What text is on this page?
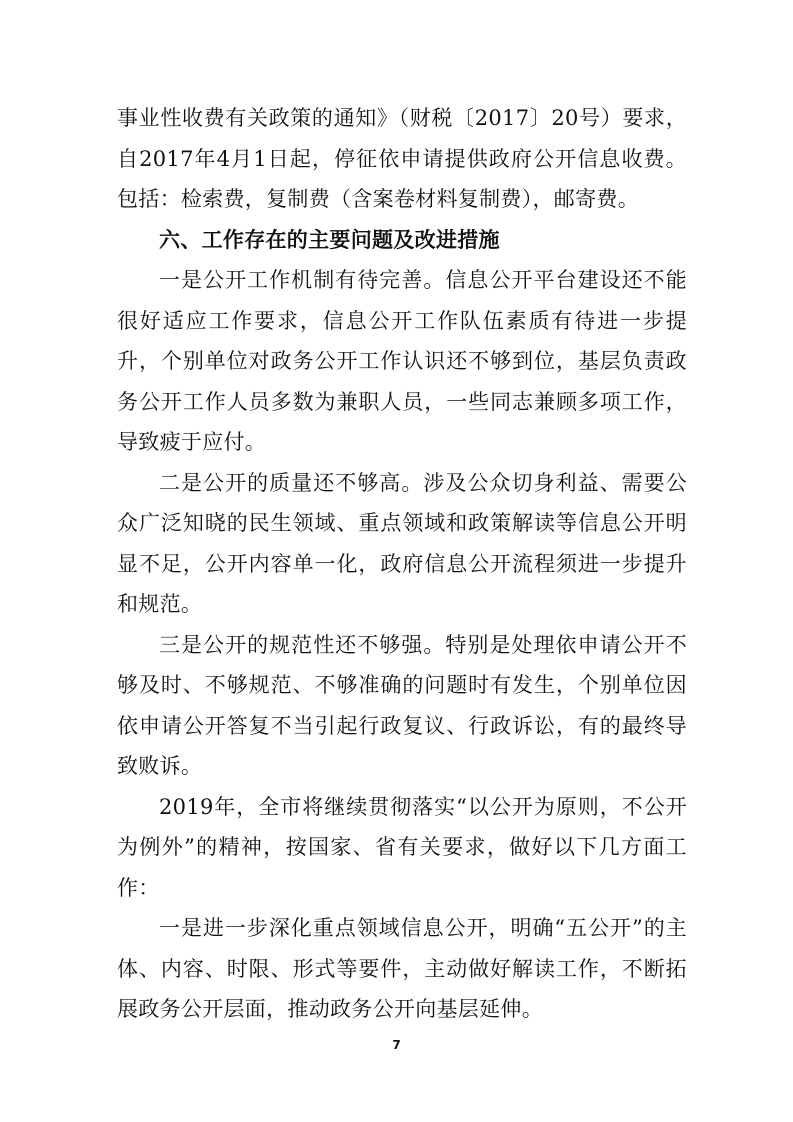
事业性收费有关政策的通知》（财税〔2017〕20号）要求，自2017年4月1日起，停征依申请提供政府公开信息收费。包括：检索费，复制费（含案卷材料复制费），邮寄费。

六、工作存在的主要问题及改进措施

一是公开工作机制有待完善。信息公开平台建设还不能很好适应工作要求，信息公开工作队伍素质有待进一步提升，个别单位对政务公开工作认识还不够到位，基层负责政务公开工作人员多数为兼职人员，一些同志兼顾多项工作，导致疲于应付。

二是公开的质量还不够高。涉及公众切身利益、需要公众广泛知晓的民生领域、重点领域和政策解读等信息公开明显不足，公开内容单一化，政府信息公开流程须进一步提升和规范。

三是公开的规范性还不够强。特别是处理依申请公开不够及时、不够规范、不够准确的问题时有发生，个别单位因依申请公开答复不当引起行政复议、行政诉讼，有的最终导致败诉。

2019年，全市将继续贯彻落实“以公开为原则，不公开为例外”的精神，按国家、省有关要求，做好以下几方面工作：

一是进一步深化重点领域信息公开，明确“五公开”的主体、内容、时限、形式等要件，主动做好解读工作，不断拓展政务公开层面，推动政务公开向基层延伸。

7
